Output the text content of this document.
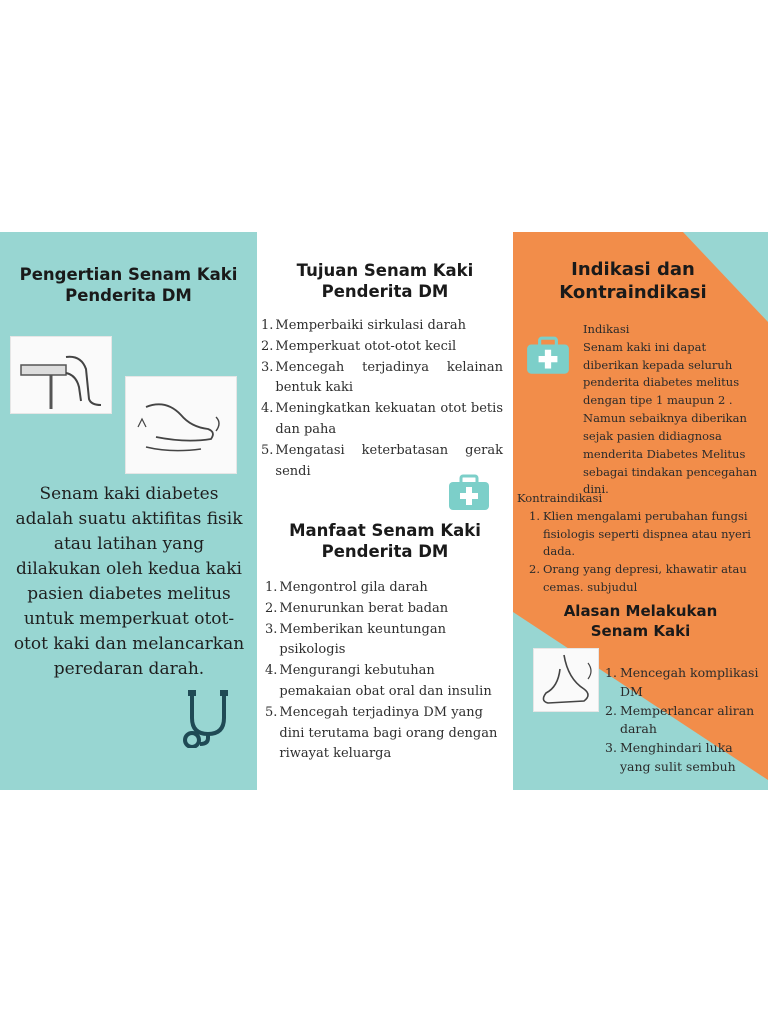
Pengertian Senam Kaki
Penderita DM
Senam kaki diabetes adalah suatu aktifitas fisik atau latihan yang dilakukan oleh kedua kaki pasien diabetes melitus untuk memperkuat otot-otot kaki dan melancarkan peredaran darah.
Tujuan Senam Kaki
Penderita DM
1. Memperbaiki sirkulasi darah
2. Memperkuat otot-otot kecil
3. Mencegah terjadinya kelainan bentuk kaki
4. Meningkatkan kekuatan otot betis dan paha
5. Mengatasi keterbatasan gerak sendi
Manfaat Senam Kaki
Penderita DM
1. Mengontrol gila darah
2. Menurunkan berat badan
3. Memberikan keuntungan psikologis
4. Mengurangi kebutuhan pemakaian obat oral dan insulin
5. Mencegah terjadinya DM yang dini terutama bagi orang dengan riwayat keluarga
Indikasi dan
Kontraindikasi
Indikasi
Senam kaki ini dapat diberikan kepada seluruh penderita diabetes melitus dengan tipe 1 maupun 2 . Namun sebaiknya diberikan sejak pasien didiagnosa menderita Diabetes Melitus sebagai tindakan pencegahan dini.
Kontraindikasi
1. Klien mengalami perubahan fungsi fisiologis seperti dispnea atau nyeri dada.
2. Orang yang depresi, khawatir atau cemas. subjudul
Alasan Melakukan
Senam Kaki
1. Mencegah komplikasi DM
2. Memperlancar aliran darah
3. Menghindari luka yang sulit sembuh
